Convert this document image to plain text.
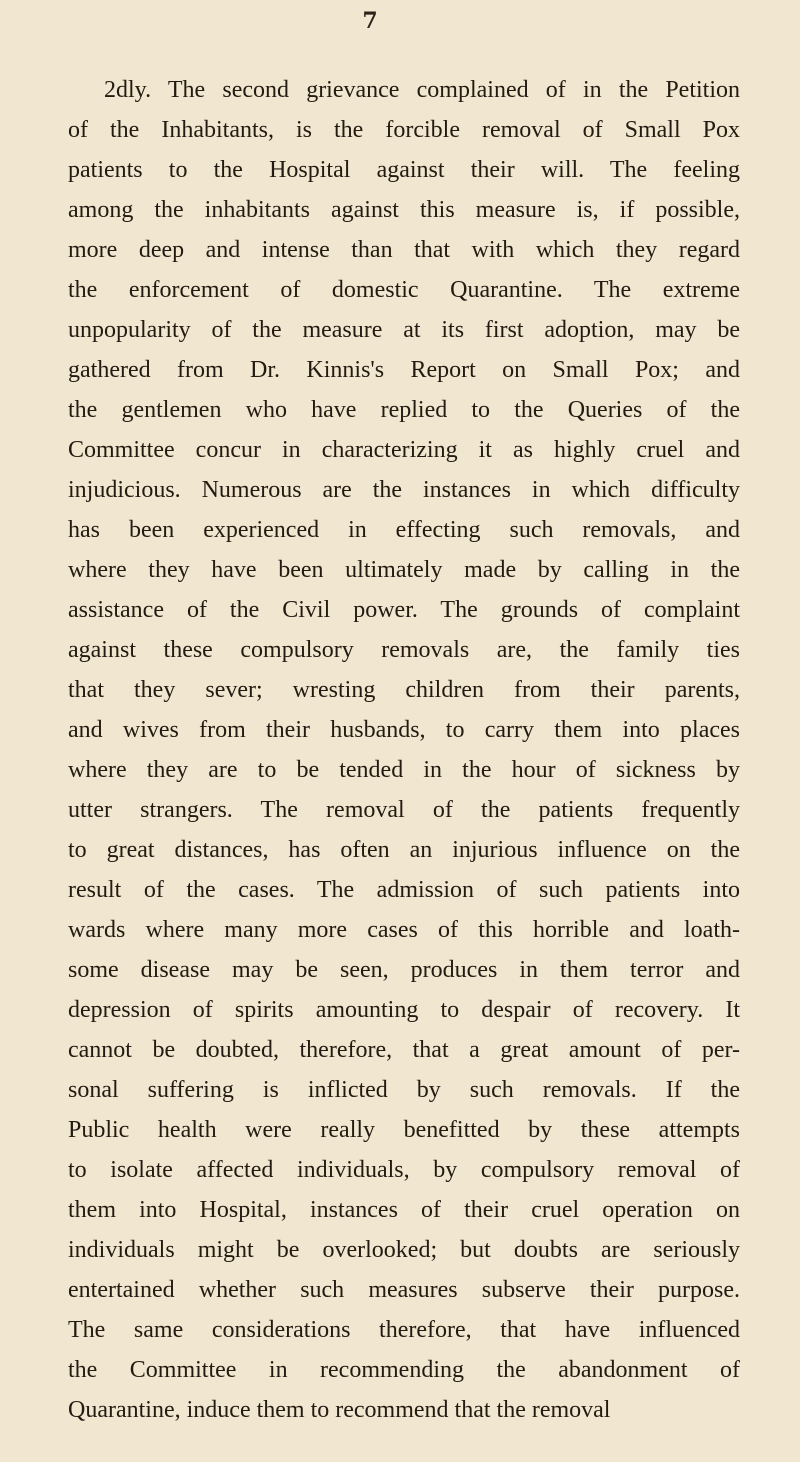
7
2dly. The second grievance complained of in the Petition
of the Inhabitants, is the forcible removal of Small Pox
patients to the Hospital against their will. The feeling
among the inhabitants against this measure is, if possible,
more deep and intense than that with which they regard
the enforcement of domestic Quarantine. The extreme
unpopularity of the measure at its first adoption, may be
gathered from Dr. Kinnis's Report on Small Pox; and
the gentlemen who have replied to the Queries of the
Committee concur in characterizing it as highly cruel and
injudicious. Numerous are the instances in which difficulty
has been experienced in effecting such removals, and
where they have been ultimately made by calling in the
assistance of the Civil power. The grounds of complaint
against these compulsory removals are, the family ties
that they sever; wresting children from their parents,
and wives from their husbands, to carry them into places
where they are to be tended in the hour of sickness by
utter strangers. The removal of the patients frequently
to great distances, has often an injurious influence on the
result of the cases. The admission of such patients into
wards where many more cases of this horrible and loath-
some disease may be seen, produces in them terror and
depression of spirits amounting to despair of recovery. It
cannot be doubted, therefore, that a great amount of per-
sonal suffering is inflicted by such removals. If the
Public health were really benefitted by these attempts
to isolate affected individuals, by compulsory removal of
them into Hospital, instances of their cruel operation on
individuals might be overlooked; but doubts are seriously
entertained whether such measures subserve their purpose.
The same considerations therefore, that have influenced
the Committee in recommending the abandonment of
Quarantine, induce them to recommend that the removal
